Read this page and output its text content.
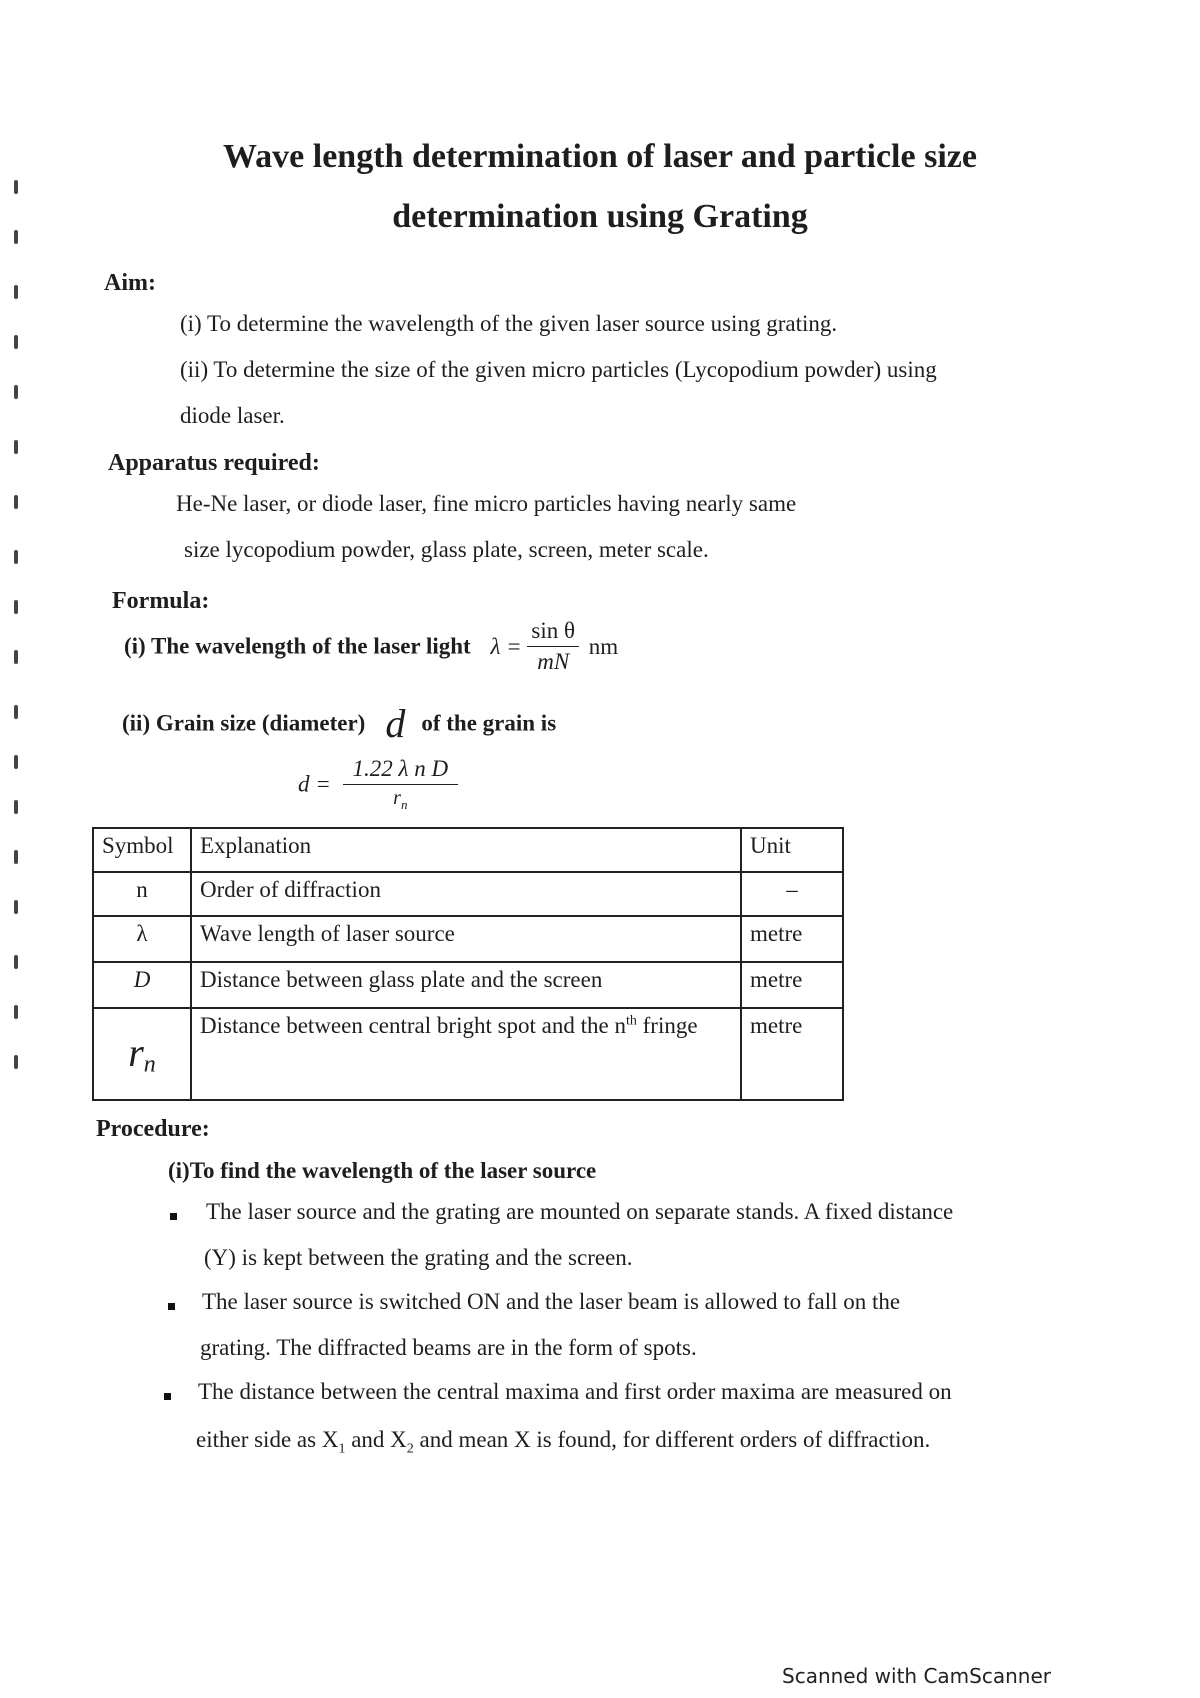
Wave length determination of laser and particle size
determination using Grating
Aim:
(i) To determine the wavelength of the given laser source using grating.
(ii) To determine the size of the given micro particles (Lycopodium powder) using
diode laser.
Apparatus required:
He-Ne laser, or diode laser, fine micro particles having nearly same
size lycopodium powder, glass plate, screen, meter scale.
Formula:
(i) The wavelength of the laser light $\lambda = \frac{\text{sin θ}}{mN}$ nm
(ii) Grain size (diameter) d of the grain is
$d = \frac{\text{1.22 λ n D}}{r_n}$
Symbol	Explanation	Unit
n	Order of diffraction	–
λ	Wave length of laser source	metre
D	Distance between glass plate and the screen	metre
$r_n$	Distance between central bright spot and the $n^{th}$ fringe	metre
Procedure:
(i)To find the wavelength of the laser source
The laser source and the grating are mounted on separate stands. A fixed distance
(Y) is kept between the grating and the screen.
The laser source is switched ON and the laser beam is allowed to fall on the
grating. The diffracted beams are in the form of spots.
The distance between the central maxima and first order maxima are measured on
either side as $X_1$ and $X_2$ and mean X is found, for different orders of diffraction.
Scanned with CamScanner
